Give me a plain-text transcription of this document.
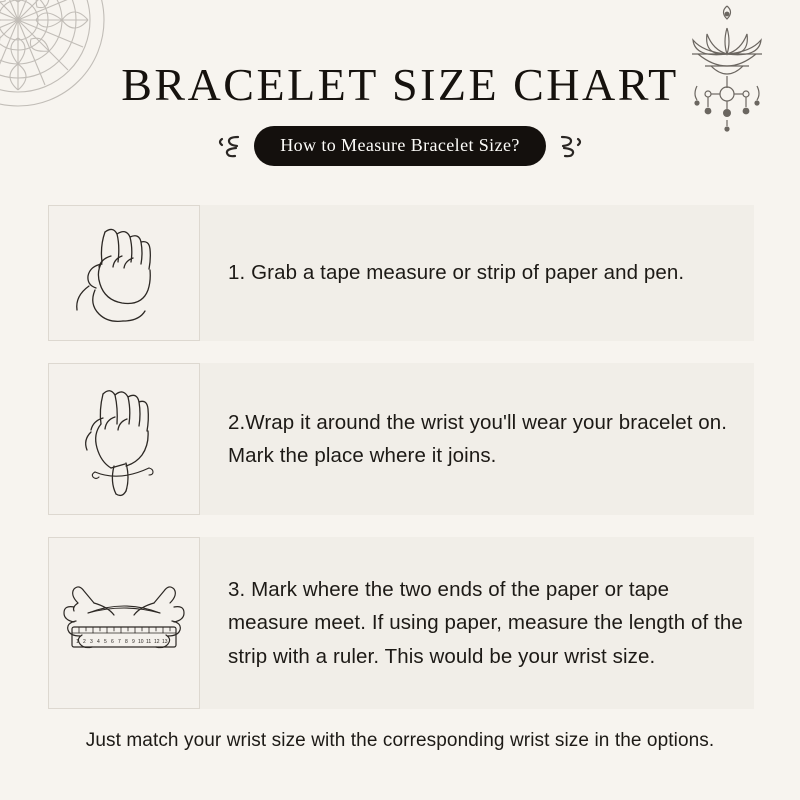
BRACELET SIZE CHART
How to Measure Bracelet Size?
1. Grab a tape measure or strip of paper and pen.
2.Wrap it around the wrist you'll wear your bracelet on. Mark the place where it joins.
1 2 3 4 5 6 7 8 9 10 11 12 13
3. Mark where the two ends of the paper or tape measure meet. If using paper, measure the length of the strip with a ruler. This would be your wrist size.
Just match your wrist size with the corresponding wrist size in the options.
